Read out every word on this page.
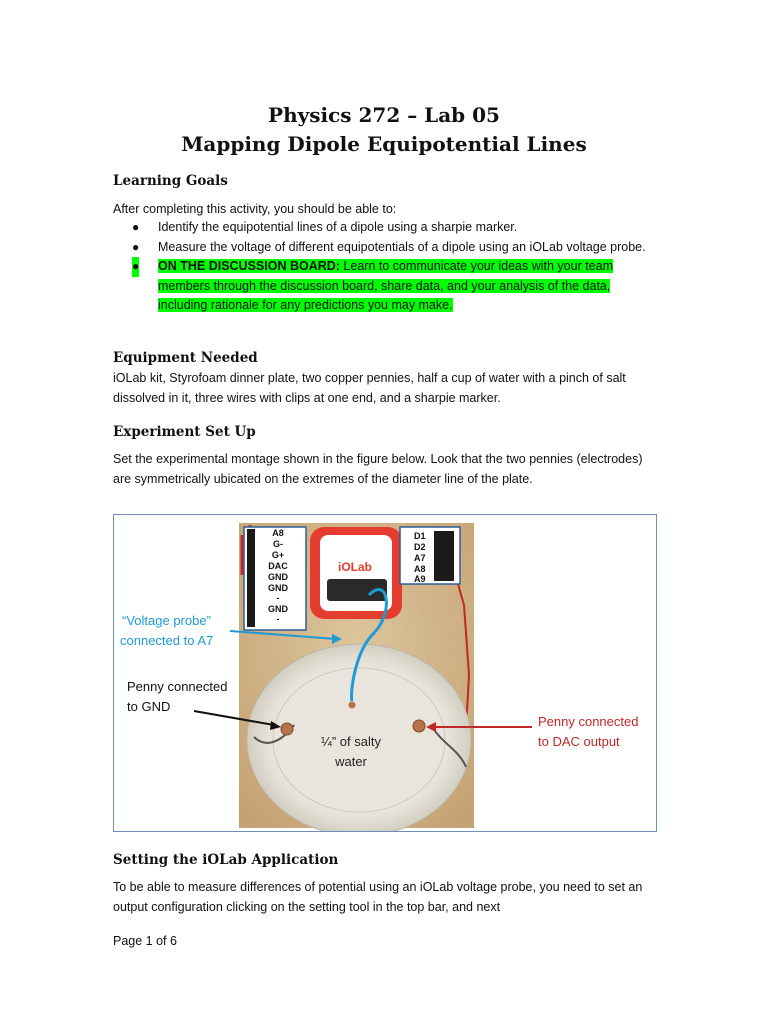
Physics 272 – Lab 05
Mapping Dipole Equipotential Lines
Learning Goals
After completing this activity, you should be able to:
● Identify the equipotential lines of a dipole using a sharpie marker.
● Measure the voltage of different equipotentials of a dipole using an iOLab voltage probe.
● ON THE DISCUSSION BOARD: Learn to communicate your ideas with your team members through the discussion board, share data, and your analysis of the data, including rationale for any predictions you may make.
Equipment Needed
iOLab kit, Styrofoam dinner plate, two copper pennies, half a cup of water with a pinch of salt dissolved in it, three wires with clips at one end, and a sharpie marker.
Experiment Set Up
Set the experimental montage shown in the figure below. Look that the two pennies (electrodes) are symmetrically ubicated on the extremes of the diameter line of the plate.
iOLab
A8
G-
G+
DAC
GND
GND
-
GND
-
D1
D2
A7
A8
A9
“Voltage probe”
connected to A7
Penny connected
to GND
Penny connected
to DAC output
¼” of salty
water
Setting the iOLab Application
To be able to measure differences of potential using an iOLab voltage probe, you need to set an output configuration clicking on the setting tool in the top bar, and next
Page 1 of 6
